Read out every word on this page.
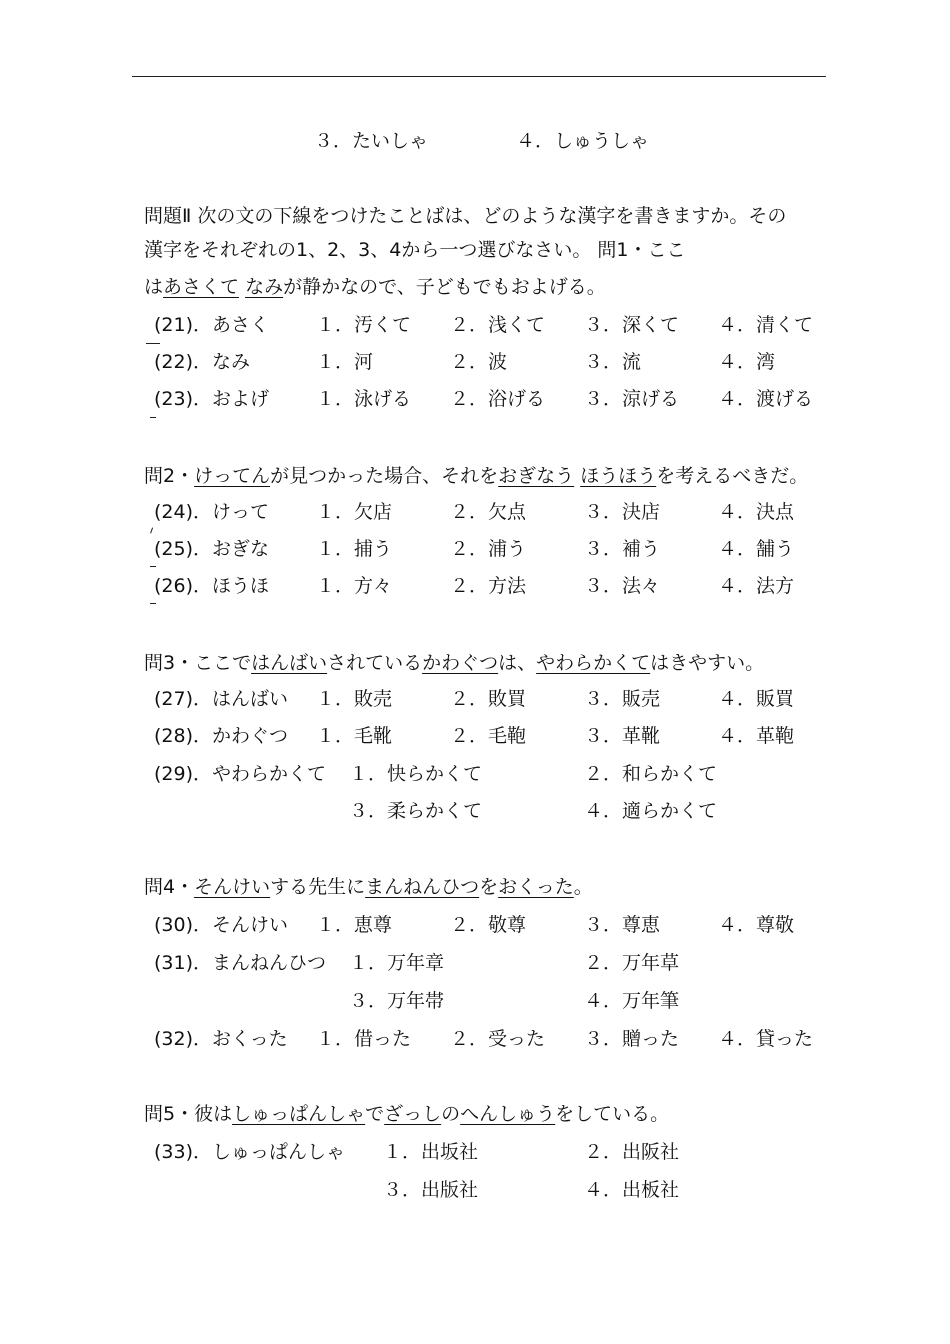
３．たいしゃ	４．しゅうしゃ
問題Ⅱ 次の文の下線をつけたことばは、どのような漢字を書きますか。その
漢字をそれぞれの1、2、3、4から一つ選びなさい。 問1・ここ
はあさくて なみが静かなので、子どもでもおよげる。
(21)．あさく １．汚くて ２．浅くて ３．深くて ４．清くて
(22)．なみ	１．河	２．波	３．流	４．湾
(23)．およげ １．泳げる ２．浴げる ３．涼げる ４．渡げる
問2・けってんが見つかった場合、それをおぎなう ほうほうを考えるべきだ。
(24)．けって １．欠店	２．欠点	３．決店	４．決点
(25)．おぎな １．捕う	２．浦う	３．補う	４．舗う
(26)．ほうほ １．方々	２．方法	３．法々	４．法方
問3・ここではんばいされているかわぐつは、やわらかくてはきやすい。
(27)．はんばい １．敗売	２．敗買	３．販売	４．販買
(28)．かわぐつ １．毛靴	２．毛鞄	３．革靴	４．革鞄
(29)．やわらかくて １．快らかくて	２．和らかくて
３．柔らかくて	４．適らかくて
問4・そんけいする先生にまんねんひつをおくった。
(30)．そんけい １．恵尊	２．敬尊	３．尊恵	４．尊敬
(31)．まんねんひつ １．万年章	２．万年草
３．万年帯	４．万年筆
(32)．おくった １．借った ２．受った ３．贈った ４．貸った
問5・彼はしゅっぱんしゃでざっしのへんしゅうをしている。
(33)．しゅっぱんしゃ １．出坂社	２．出阪社
３．出版社	４．出板社
